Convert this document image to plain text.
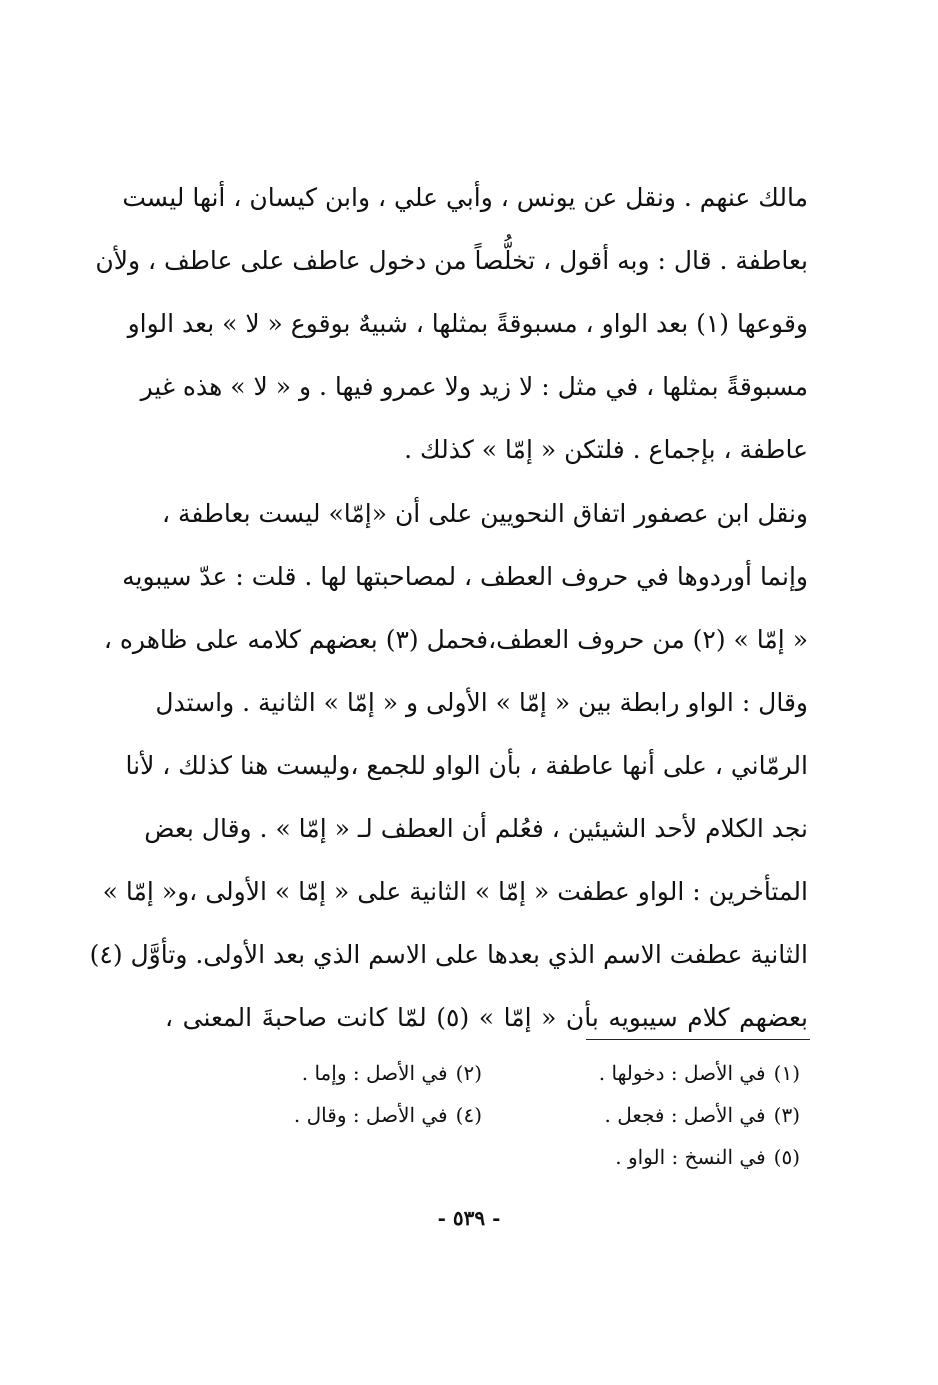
مالك عنهم . ونقل عن يونس ، وأبي علي ، وابن كيسان ، أنها ليست
بعاطفة . قال : وبه أقول ، تخلُّصاً من دخول عاطف على عاطف ، ولأن
وقوعها (١) بعد الواو ، مسبوقةً بمثلها ، شبيهٌ بوقوع « لا » بعد الواو
مسبوقةً بمثلها ، في مثل : لا زيد ولا عمرو فيها . و « لا » هذه غير
عاطفة ، بإجماع . فلتكن « إمّا » كذلك .
ونقل ابن عصفور اتفاق النحويين على أن «إمّا» ليست بعاطفة ،
وإنما أوردوها في حروف العطف ، لمصاحبتها لها . قلت : عدّ سيبويه
« إمّا » (٢) من حروف العطف،فحمل (٣) بعضهم كلامه على ظاهره ،
وقال : الواو رابطة بين « إمّا » الأولى و « إمّا » الثانية . واستدل
الرمّاني ، على أنها عاطفة ، بأن الواو للجمع ،وليست هنا كذلك ، لأنا
نجد الكلام لأحد الشيئين ، فعُلم أن العطف لـ « إمّا » . وقال بعض
المتأخرين : الواو عطفت « إمّا » الثانية على « إمّا » الأولى ،و« إمّا »
الثانية عطفت الاسم الذي بعدها على الاسم الذي بعد الأولى. وتأوَّل (٤)
بعضهم كلام سيبويه بأن « إمّا » (٥) لمّا كانت صاحبةَ المعنى ،
(١)في الأصل : دخولها .
(٢)في الأصل : وإما .
(٣)في الأصل : فجعل .
(٤)في الأصل : وقال .
(٥)في النسخ : الواو .
- ٥٣٩ -
